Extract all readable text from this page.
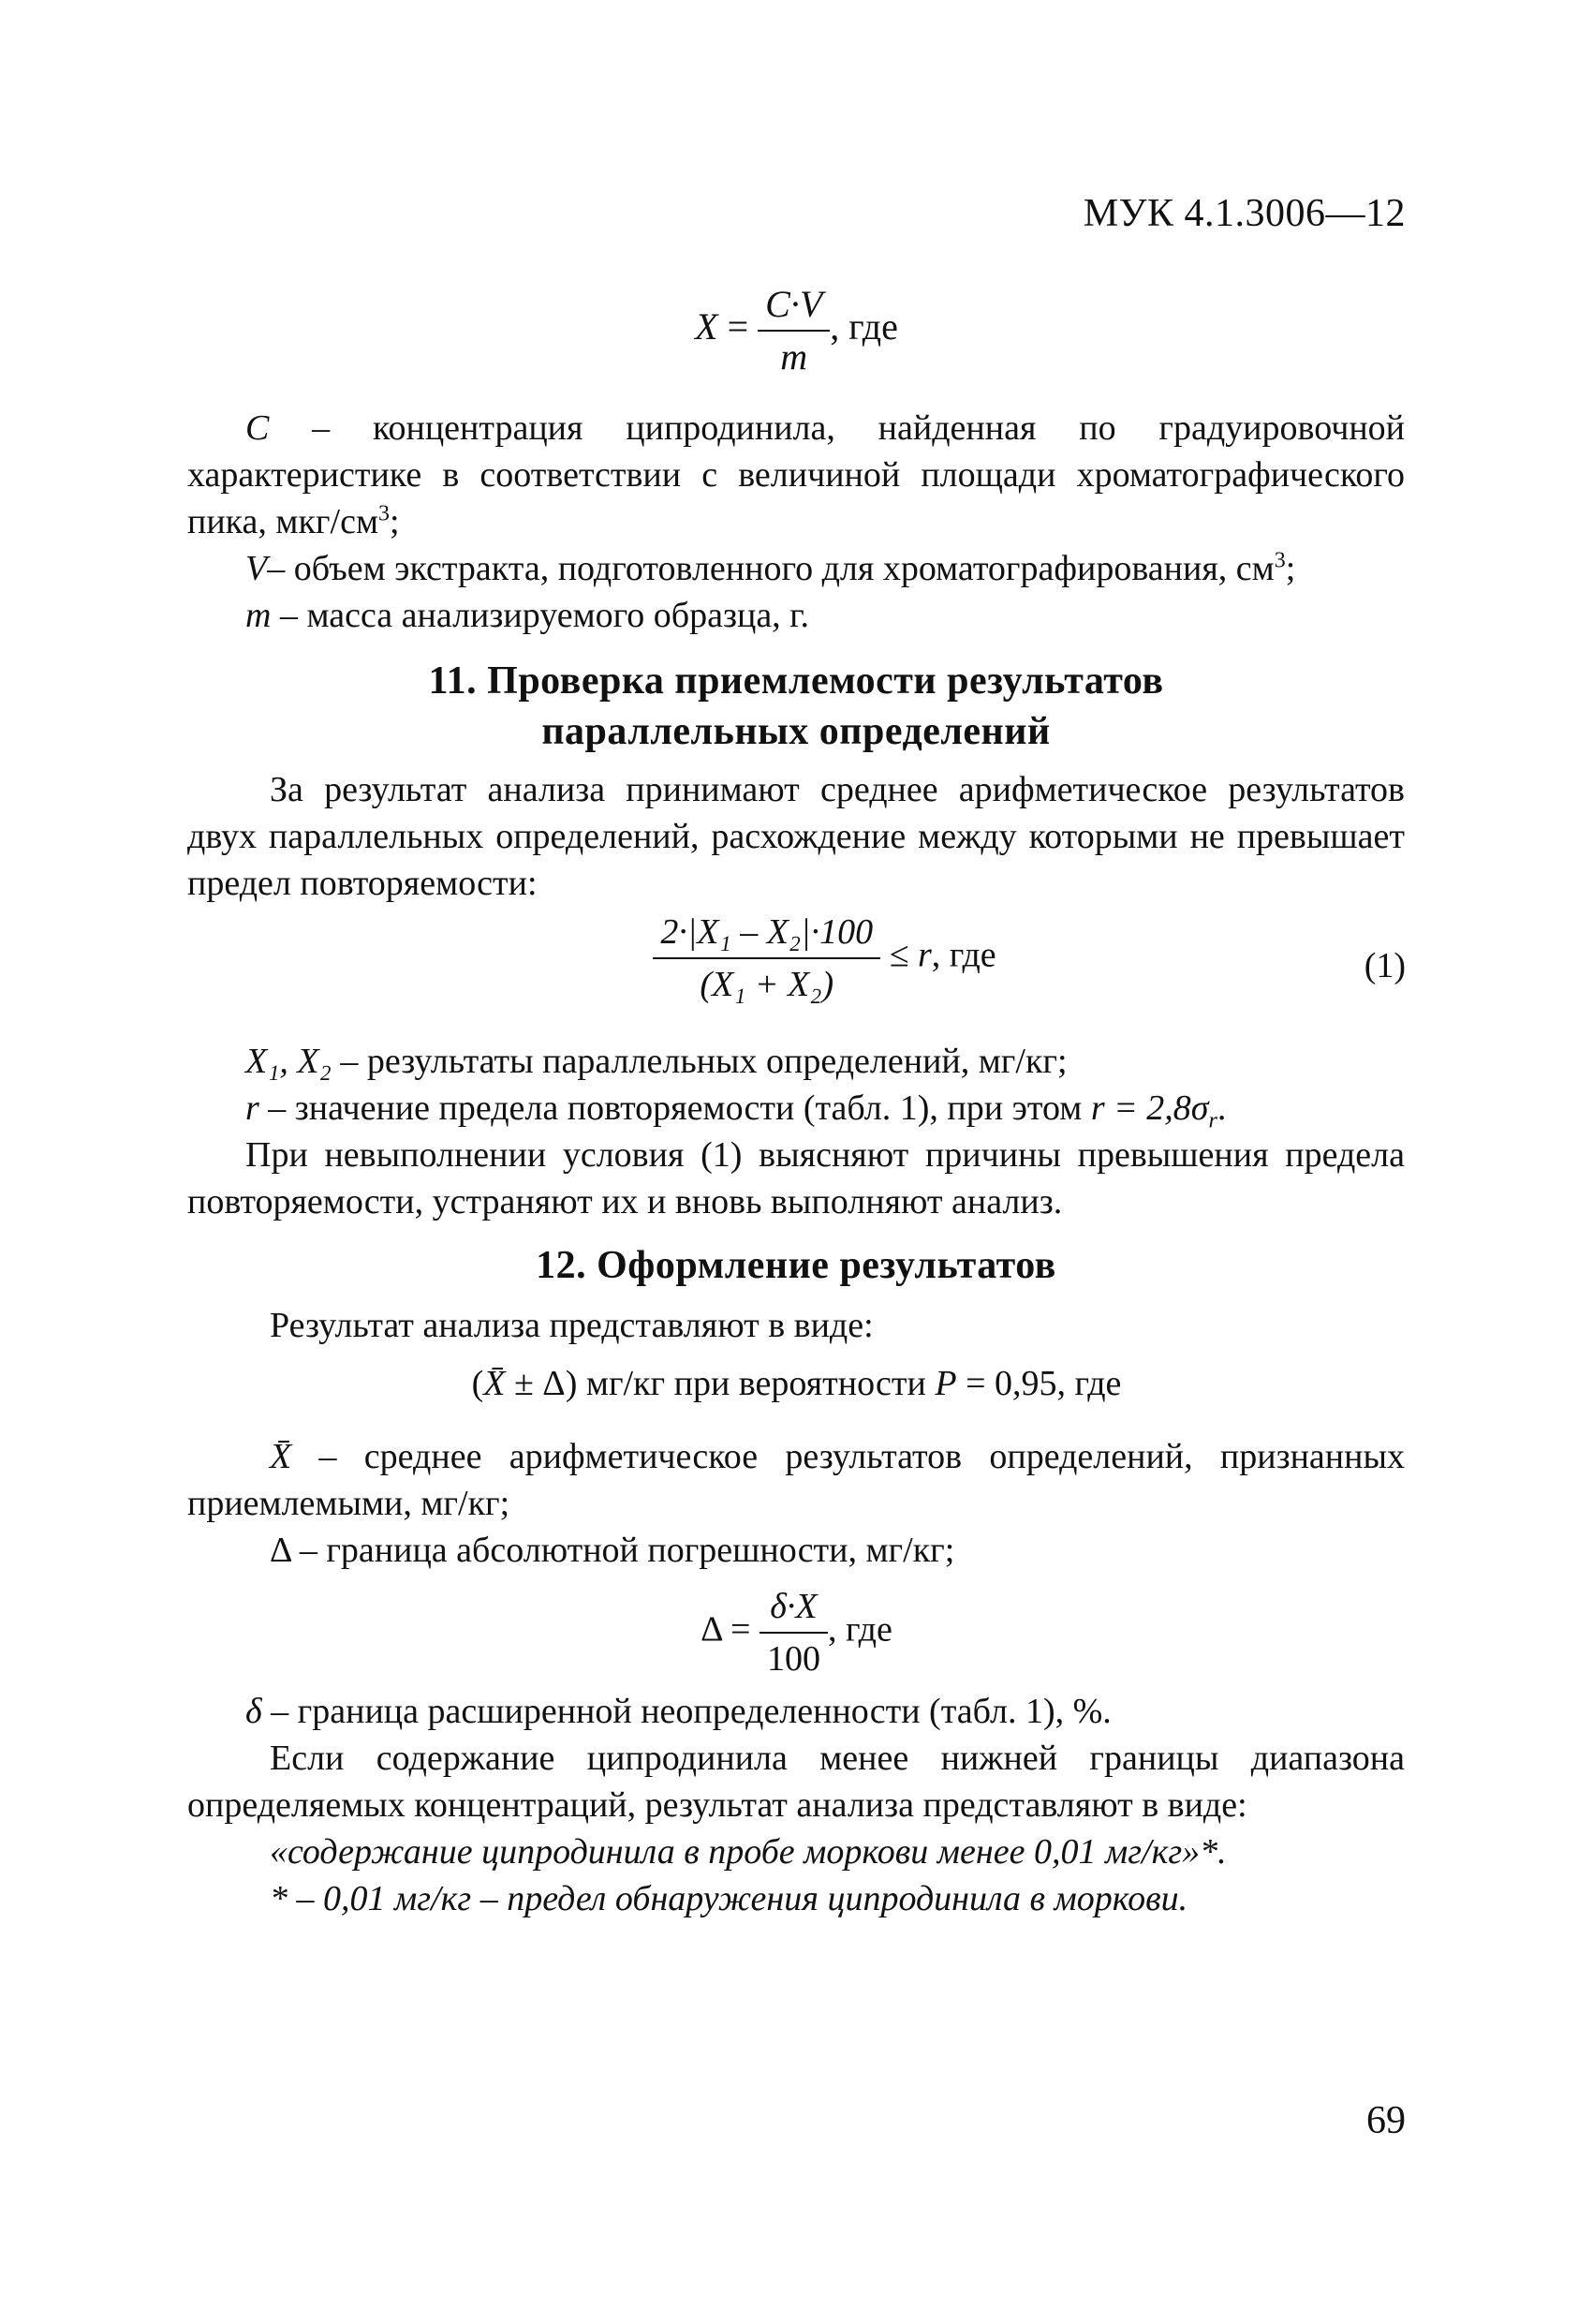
МУК 4.1.3006—12
$X = \frac{C\cdot V}{m}$ , где
C – концентрация ципродинила, найденная по градуировочной характеристике в соответствии с величиной площади хроматографического пика, мкг/$см^3$;
V– объем экстракта, подготовленного для хроматографирования, $см^3$;
m – масса анализируемого образца, г.
11. Проверка приемлемости результатов
параллельных определений
За результат анализа принимают среднее арифметическое результатов двух параллельных определений, расхождение между которыми не превышает предел повторяемости:
$\frac{\text{2·|X₁ – X₂|·100}}{\text{(X₁ + X₂)}} \le r$, где	(1)
X₁, X₂ – результаты параллельных определений, мг/кг;
r – значение предела повторяемости (табл. 1), при этом $r = 2,8\sigma_r$.
При невыполнении условия (1) выясняют причины превышения предела повторяемости, устраняют их и вновь выполняют анализ.
12. Оформление результатов
Результат анализа представляют в виде:
(X̄ ± Δ) мг/кг при вероятности P = 0,95, где
X̄ – среднее арифметическое результатов определений, признанных приемлемыми, мг/кг;
Δ – граница абсолютной погрешности, мг/кг;
$\Delta = \frac{\delta\cdot X}{100}$ , где
δ – граница расширенной неопределенности (табл. 1), %.
Если содержание ципродинила менее нижней границы диапазона определяемых концентраций, результат анализа представляют в виде:
«содержание ципродинила в пробе моркови менее 0,01 мг/кг»*.
* – 0,01 мг/кг – предел обнаружения ципродинила в моркови.
69
